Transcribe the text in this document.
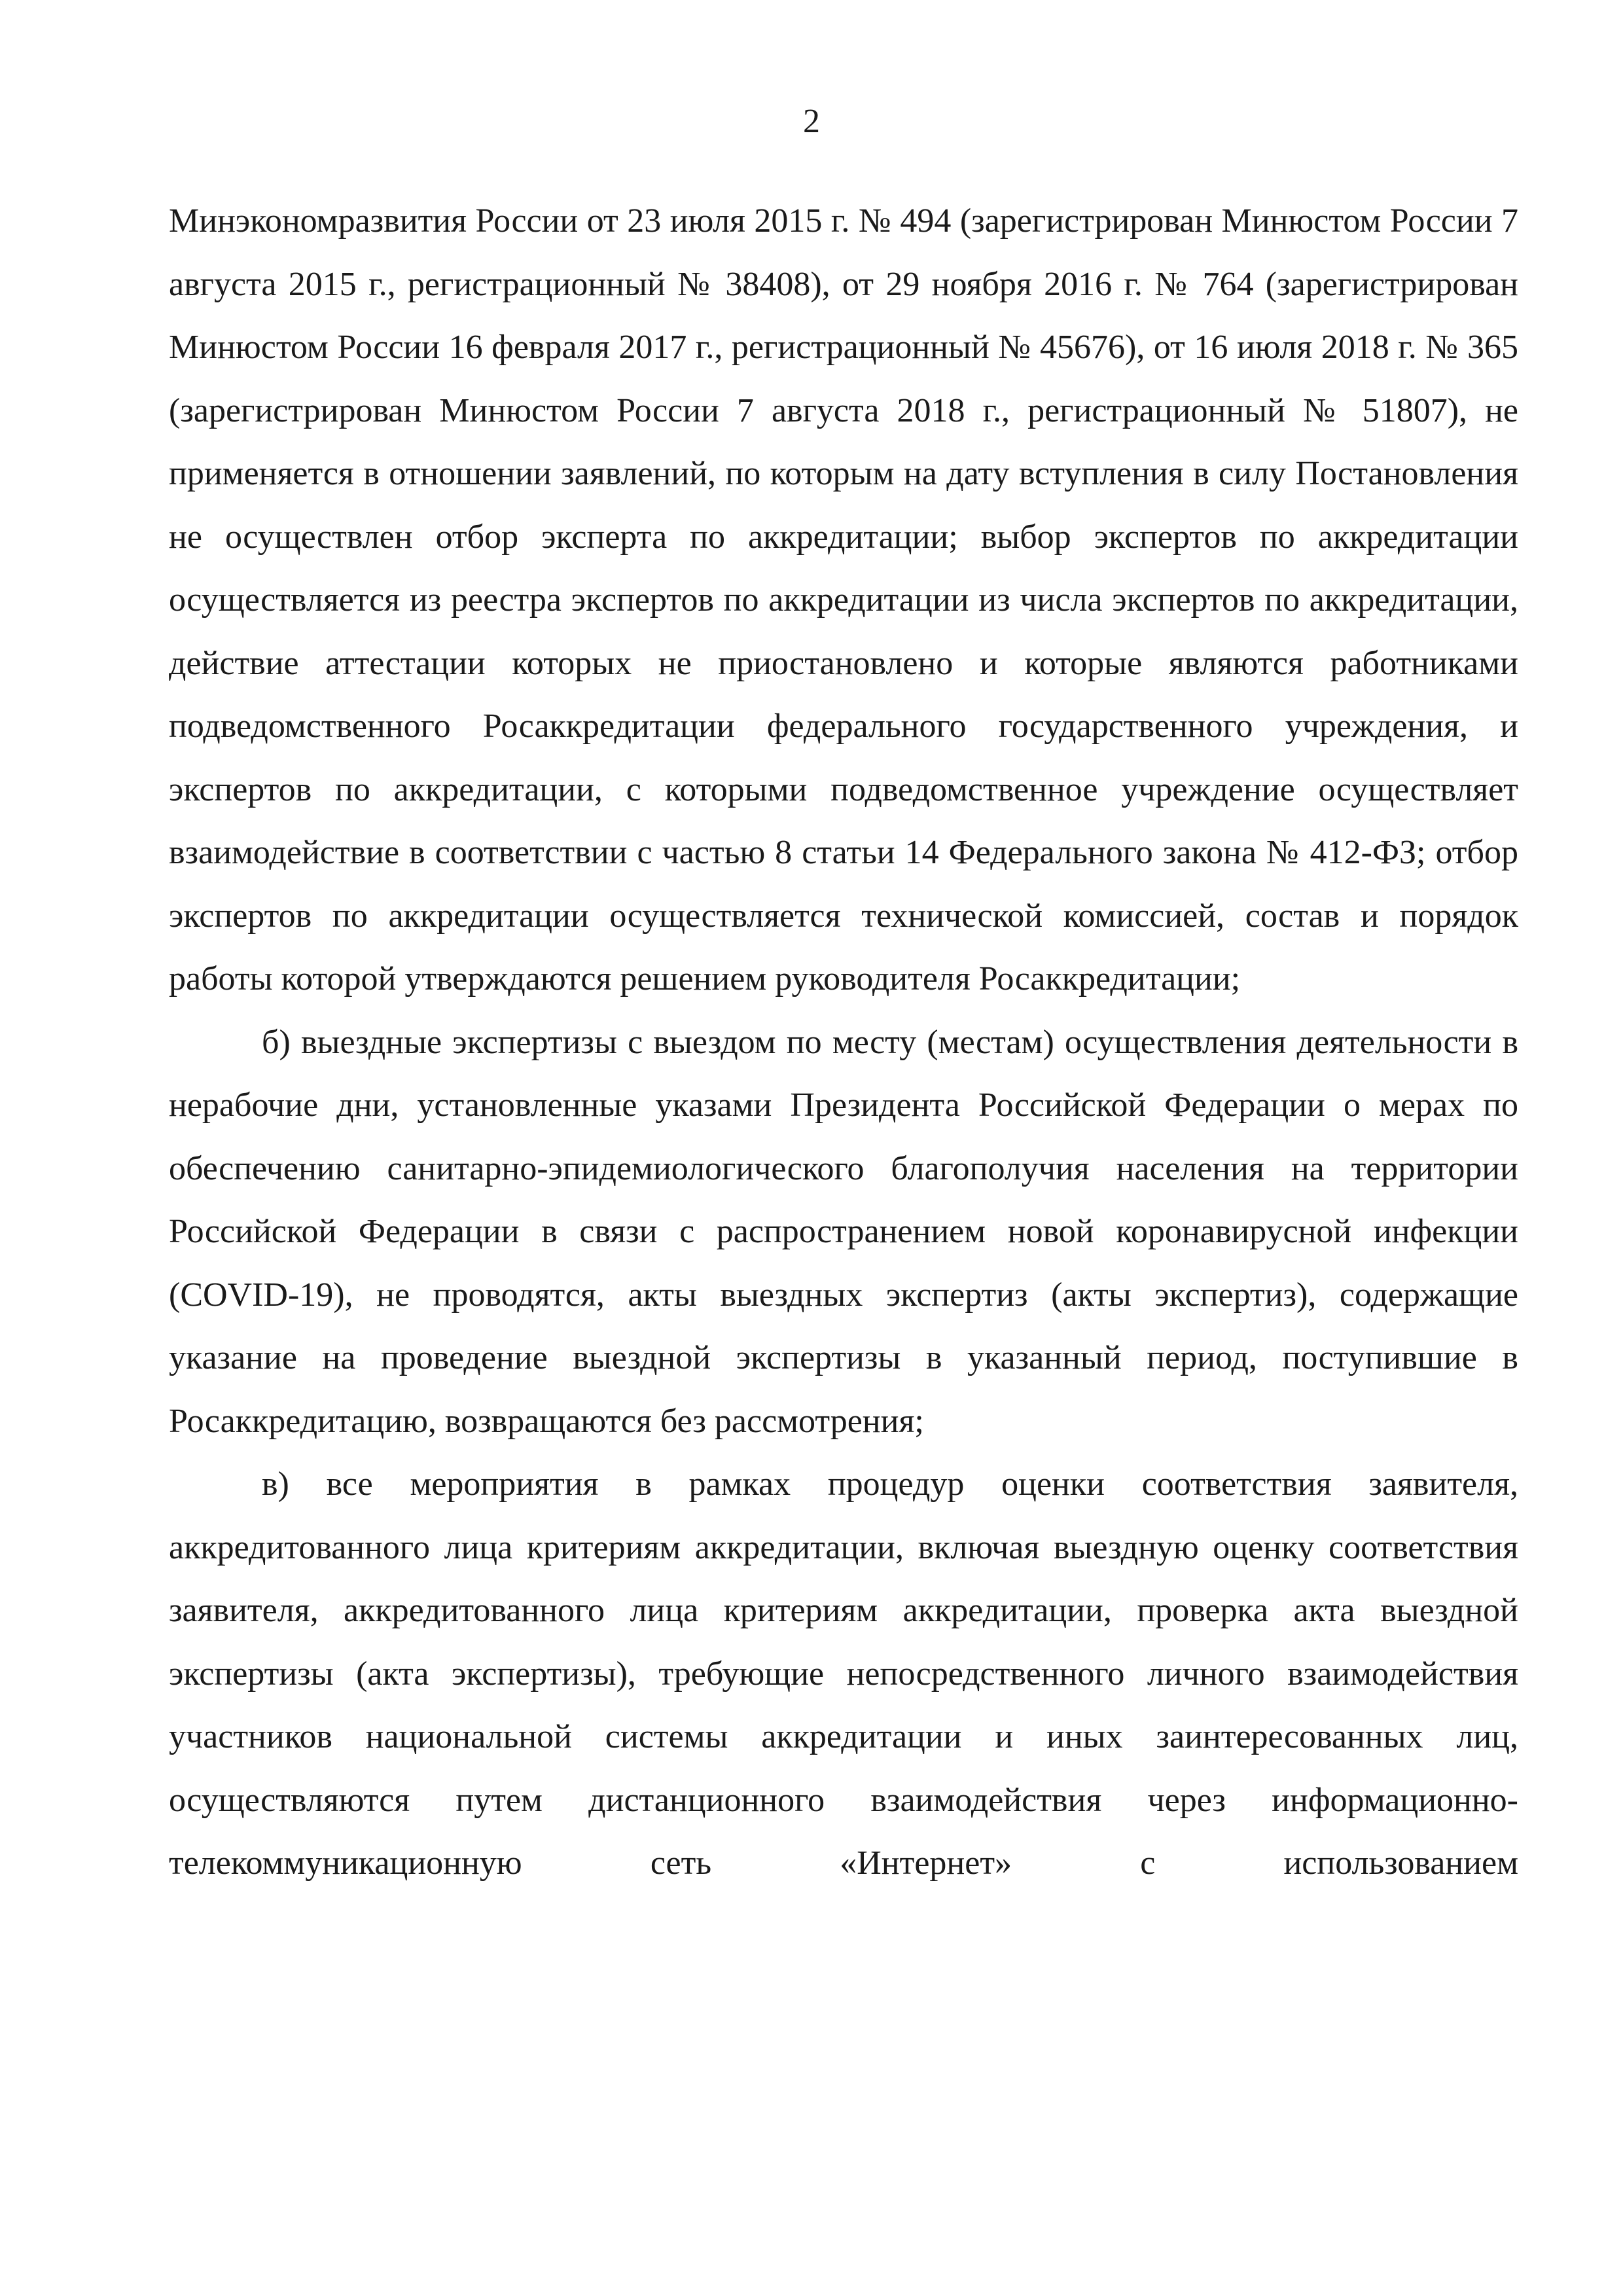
2

Минэкономразвития России от 23 июля 2015 г. № 494 (зарегистрирован Минюстом России 7 августа 2015 г., регистрационный № 38408), от 29 ноября 2016 г. № 764 (зарегистрирован Минюстом России 16 февраля 2017 г., регистрационный № 45676), от 16 июля 2018 г. № 365 (зарегистрирован Минюстом России 7 августа 2018 г., регистрационный № 51807), не применяется в отношении заявлений, по которым на дату вступления в силу Постановления не осуществлен отбор эксперта по аккредитации; выбор экспертов по аккредитации осуществляется из реестра экспертов по аккредитации из числа экспертов по аккредитации, действие аттестации которых не приостановлено и которые являются работниками подведомственного Росаккредитации федерального государственного учреждения, и экспертов по аккредитации, с которыми подведомственное учреждение осуществляет взаимодействие в соответствии с частью 8 статьи 14 Федерального закона № 412-ФЗ; отбор экспертов по аккредитации осуществляется технической комиссией, состав и порядок работы которой утверждаются решением руководителя Росаккредитации;

б) выездные экспертизы с выездом по месту (местам) осуществления деятельности в нерабочие дни, установленные указами Президента Российской Федерации о мерах по обеспечению санитарно-эпидемиологического благополучия населения на территории Российской Федерации в связи с распространением новой коронавирусной инфекции (COVID-19), не проводятся, акты выездных экспертиз (акты экспертиз), содержащие указание на проведение выездной экспертизы в указанный период, поступившие в Росаккредитацию, возвращаются без рассмотрения;

в) все мероприятия в рамках процедур оценки соответствия заявителя, аккредитованного лица критериям аккредитации, включая выездную оценку соответствия заявителя, аккредитованного лица критериям аккредитации, проверка акта выездной экспертизы (акта экспертизы), требующие непосредственного личного взаимодействия участников национальной системы аккредитации и иных заинтересованных лиц, осуществляются путем дистанционного взаимодействия через информационно-телекоммуникационную сеть «Интернет» с использованием
